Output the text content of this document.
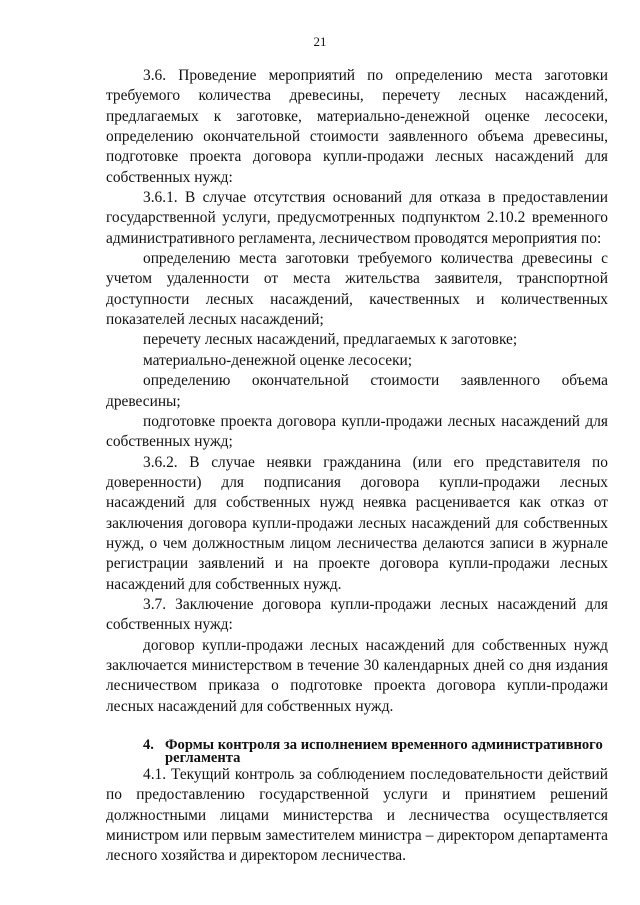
21

3.6. Проведение мероприятий по определению места заготовки требуемого количества древесины, перечету лесных насаждений, предлагаемых к заготовке, материально-денежной оценке лесосеки, определению окончательной стоимости заявленного объема древесины, подготовке проекта договора купли-продажи лесных насаждений для собственных нужд:

3.6.1. В случае отсутствия оснований для отказа в предоставлении государственной услуги, предусмотренных подпунктом 2.10.2 временного административного регламента, лесничеством проводятся мероприятия по:

определению места заготовки требуемого количества древесины с учетом удаленности от места жительства заявителя, транспортной доступности лесных насаждений, качественных и количественных показателей лесных насаждений;

перечету лесных насаждений, предлагаемых к заготовке;

материально-денежной оценке лесосеки;

определению окончательной стоимости заявленного объема древесины;

подготовке проекта договора купли-продажи лесных насаждений для собственных нужд;

3.6.2. В случае неявки гражданина (или его представителя по доверенности) для подписания договора купли-продажи лесных насаждений для собственных нужд неявка расценивается как отказ от заключения договора купли-продажи лесных насаждений для собственных нужд, о чем должностным лицом лесничества делаются записи в журнале регистрации заявлений и на проекте договора купли-продажи лесных насаждений для собственных нужд.

3.7. Заключение договора купли-продажи лесных насаждений для собственных нужд:

договор купли-продажи лесных насаждений для собственных нужд заключается министерством в течение 30 календарных дней со дня издания лесничеством приказа о подготовке проекта договора купли-продажи лесных насаждений для собственных нужд.

4. Формы контроля за исполнением временного административного регламента

4.1. Текущий контроль за соблюдением последовательности действий по предоставлению государственной услуги и принятием решений должностными лицами министерства и лесничества осуществляется министром или первым заместителем министра – директором департамента лесного хозяйства и директором лесничества.
